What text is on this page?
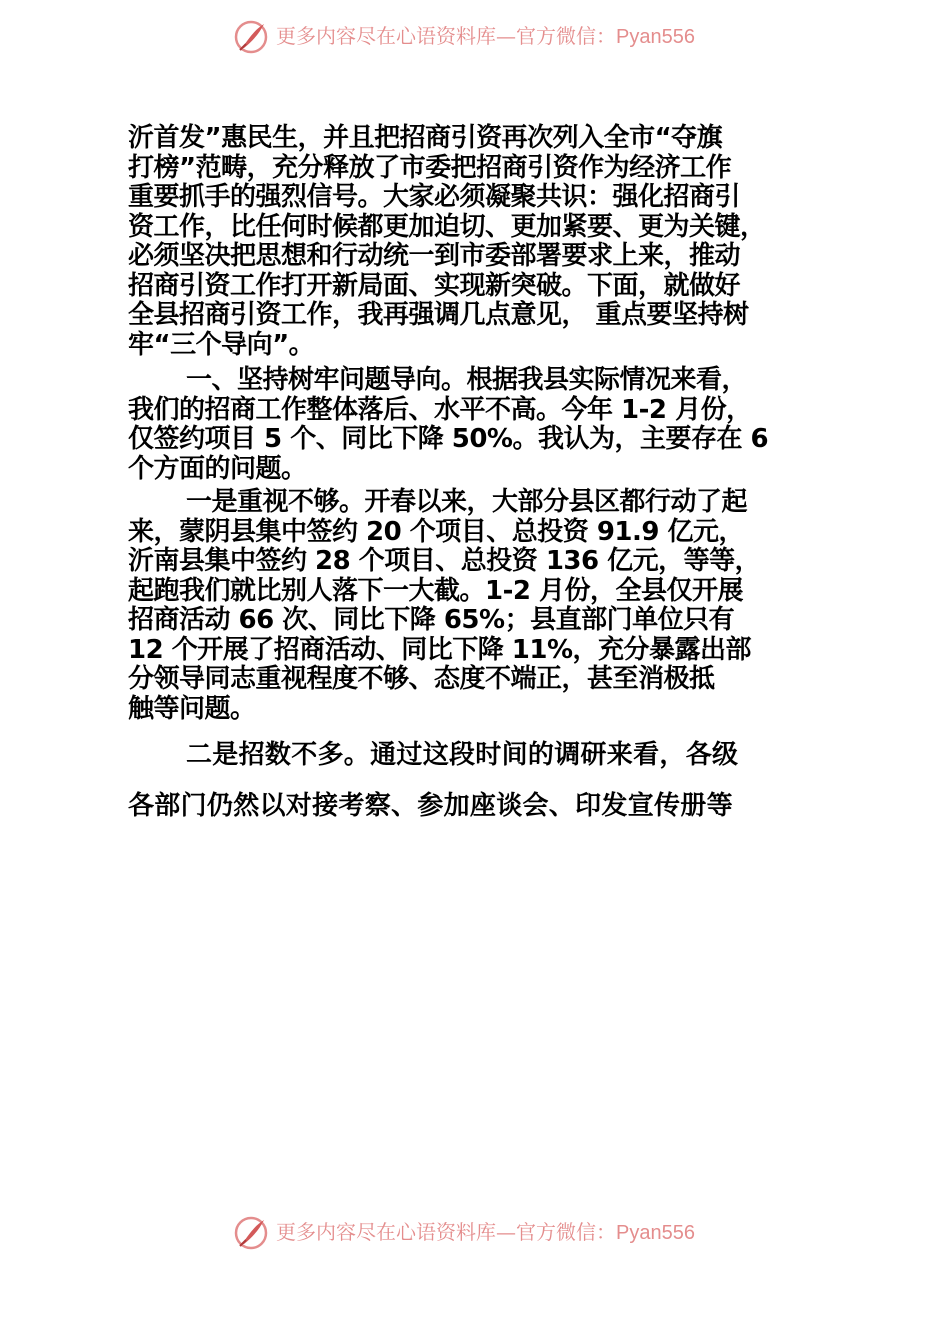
更多内容尽在心语资料库—官方微信：Pyan556
沂首发”惠民生，并且把招商引资再次列入全市“夺旗
打榜”范畴，充分释放了市委把招商引资作为经济工作
重要抓手的强烈信号。大家必须凝聚共识：强化招商引
资工作，比任何时候都更加迫切、更加紧要、更为关键，
必须坚决把思想和行动统一到市委部署要求上来，推动
招商引资工作打开新局面、实现新突破。下面，就做好
全县招商引资工作，我再强调几点意见， 重点要坚持树
牢“三个导向”。
一、坚持树牢问题导向。根据我县实际情况来看，
我们的招商工作整体落后、水平不高。今年 1-2 月份，
仅签约项目 5 个、同比下降 50%。我认为，主要存在 6
个方面的问题。
一是重视不够。开春以来，大部分县区都行动了起
来，蒙阴县集中签约 20 个项目、总投资 91.9 亿元，
沂南县集中签约 28 个项目、总投资 136 亿元，等等，
起跑我们就比别人落下一大截。1-2 月份，全县仅开展
招商活动 66 次、同比下降 65%；县直部门单位只有
12 个开展了招商活动、同比下降 11%，充分暴露出部
分领导同志重视程度不够、态度不端正，甚至消极抵
触等问题。
二是招数不多。通过这段时间的调研来看，各级
各部门仍然以对接考察、参加座谈会、印发宣传册等
更多内容尽在心语资料库—官方微信：Pyan556
